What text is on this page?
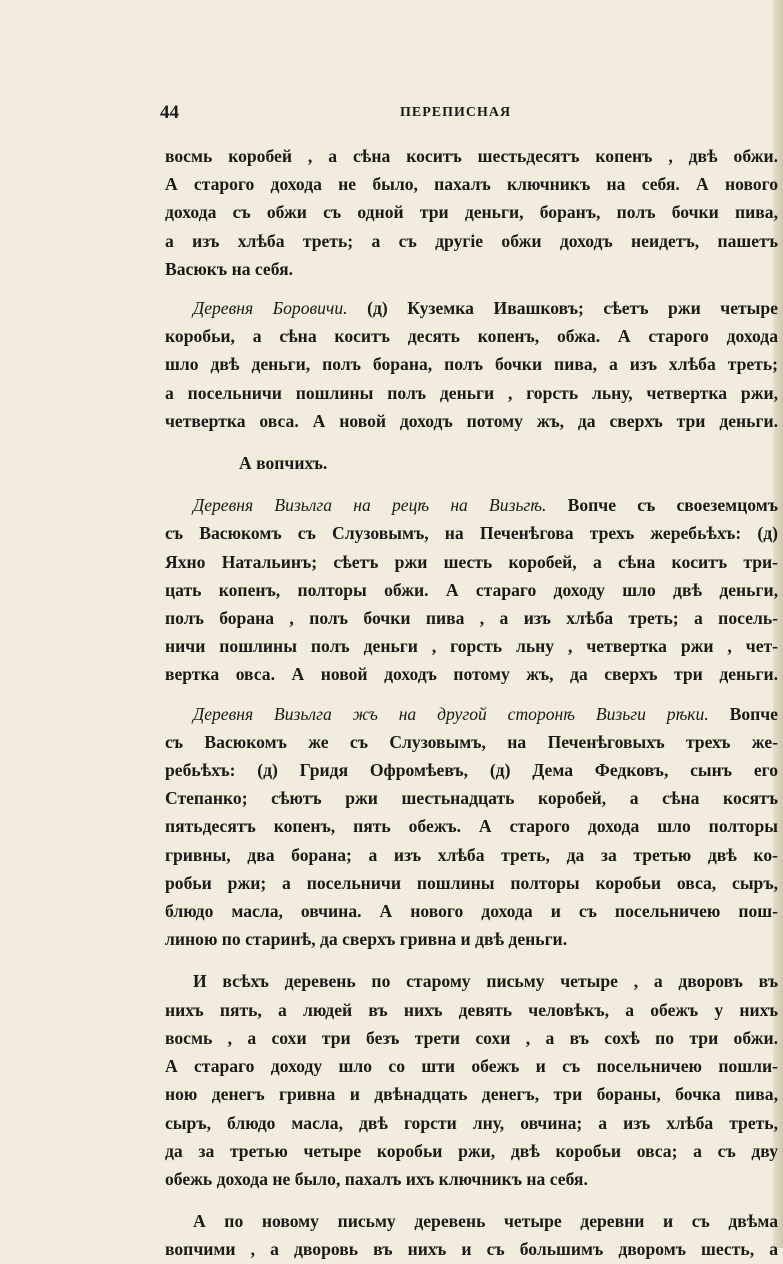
44	ПЕРЕПИСНАЯ
восмь коробей , а сѣна коситъ шестьдесятъ копенъ , двѣ обжи.
А старого дохода не было, пахалъ ключникъ на себя. А нового
дохода съ обжи съ одной три деньги, боранъ, полъ бочки пива,
а изъ хлѣба треть; а съ другіе обжи доходъ неидетъ, пашетъ
Васюкъ на себя.
Деревня Боровичи. (д) Куземка Ивашковъ; сѣетъ ржи четыре
коробьи, а сѣна коситъ десять копенъ, обжа. А старого дохода
шло двѣ деньги, полъ борана, полъ бочки пива, а изъ хлѣба треть;
а посельничи пошлины полъ деньги , горсть льну, четвертка ржи,
четвертка овса. А новой доходъ потому жъ, да сверхъ три деньги.
А вопчихъ.
Деревня Визьлга на рецѣ на Визьгѣ. Вопче съ своеземцомъ
съ Васюкомъ съ Слузовымъ, на Печенѣгова трехъ жеребьѣхъ: (д)
Яхно Натальинъ; сѣетъ ржи шесть коробей, а сѣна коситъ три-
цать копенъ, полторы обжи. А стараго доходу шло двѣ деньги,
полъ борана , полъ бочки пива , а изъ хлѣба треть; а посель-
ничи пошлины полъ деньги , горсть льну , четвертка ржи , чет-
вертка овса. А новой доходъ потому жъ, да сверхъ три деньги.
Деревня Визьлга жъ на другой сторонѣ Визьги рѣки. Вопче
съ Васюкомъ же съ Слузовымъ, на Печенѣговыхъ трехъ же-
ребьѣхъ: (д) Гридя Офромѣевъ, (д) Дема Федковъ, сынъ его
Степанко; сѣютъ ржи шестьнадцать коробей, а сѣна косятъ
пятьдесятъ копенъ, пять обежъ. А старого дохода шло полторы
гривны, два борана; а изъ хлѣба треть, да за третью двѣ ко-
робьи ржи; а посельничи пошлины полторы коробьи овса, сыръ,
блюдо масла, овчина. А нового дохода и съ посельничею пош-
линою по старинѣ, да сверхъ гривна и двѣ деньги.
И всѣхъ деревень по старому письму четыре , а дворовъ въ
нихъ пять, а людей въ нихъ девять человѣкъ, а обежъ у нихъ
восмь , а сохи три безъ трети сохи , а въ сохѣ по три обжи.
А стараго доходу шло со шти обежъ и съ посельничею пошли-
ною денегъ гривна и двѣнадцать денегъ, три бораны, бочка пива,
сыръ, блюдо масла, двѣ горсти лну, овчина; а изъ хлѣба треть,
да за третью четыре коробьи ржи, двѣ коробьи овса; а съ дву
обежь дохода не было, пахалъ ихъ ключникъ на себя.
А по новому письму деревень четыре деревни и съ двѣма
вопчими , а дворовь въ нихъ и съ большимъ дворомъ шесть, а
